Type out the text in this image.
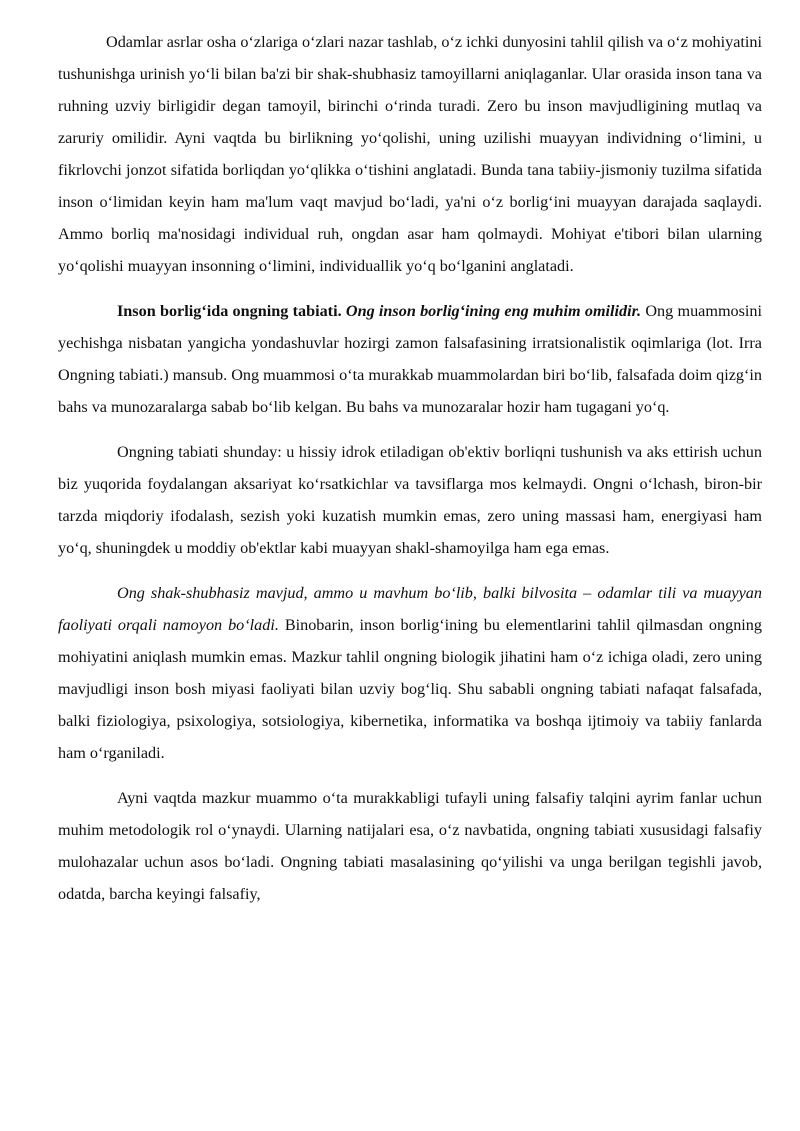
Odamlar asrlar osha o‘zlariga o‘zlari nazar tashlab, o‘z ichki dunyosini tahlil qilish va o‘z mohiyatini tushunishga urinish yo‘li bilan ba'zi bir shak-shubhasiz tamoyillarni aniqlaganlar. Ular orasida inson tana va ruhning uzviy birligidir degan tamoyil, birinchi o‘rinda turadi. Zero bu inson mavjudligining mutlaq va zaruriy omilidir. Ayni vaqtda bu birlikning yo‘qolishi, uning uzilishi muayyan individning o‘limini, u fikrlovchi jonzot sifatida borliqdan yo‘qlikka o‘tishini anglatadi. Bunda tana tabiiy-jismoniy tuzilma sifatida inson o‘limidan keyin ham ma'lum vaqt mavjud bo‘ladi, ya'ni o‘z borlig‘ini muayyan darajada saqlaydi. Ammo borliq ma'nosidagi individual ruh, ongdan asar ham qolmaydi. Mohiyat e'tibori bilan ularning yo‘qolishi muayyan insonning o‘limini, individuallik yo‘q bo‘lganini anglatadi.

Inson borlig‘ida ongning tabiati. Ong inson borlig‘ining eng muhim omilidir. Ong muammosini yechishga nisbatan yangicha yondashuvlar hozirgi zamon falsafasining irratsionalistik oqimlariga (lot. Irra Ongning tabiati.) mansub. Ong muammosi o‘ta murakkab muammolardan biri bo‘lib, falsafada doim qizg‘in bahs va munozaralarga sabab bo‘lib kelgan. Bu bahs va munozaralar hozir ham tugagani yo‘q.

Ongning tabiati shunday: u hissiy idrok etiladigan ob'ektiv borliqni tushunish va aks ettirish uchun biz yuqorida foydalangan aksariyat ko‘rsatkichlar va tavsiflarga mos kelmaydi. Ongni o‘lchash, biron-bir tarzda miqdoriy ifodalash, sezish yoki kuzatish mumkin emas, zero uning massasi ham, energiyasi ham yo‘q, shuningdek u moddiy ob'ektlar kabi muayyan shakl-shamoyilga ham ega emas.

Ong shak-shubhasiz mavjud, ammo u mavhum bo‘lib, balki bilvosita – odamlar tili va muayyan faoliyati orqali namoyon bo‘ladi. Binobarin, inson borlig‘ining bu elementlarini tahlil qilmasdan ongning mohiyatini aniqlash mumkin emas. Mazkur tahlil ongning biologik jihatini ham o‘z ichiga oladi, zero uning mavjudligi inson bosh miyasi faoliyati bilan uzviy bog‘liq. Shu sababli ongning tabiati nafaqat falsafada, balki fiziologiya, psixologiya, sotsiologiya, kibernetika, informatika va boshqa ijtimoiy va tabiiy fanlarda ham o‘rganiladi.

Ayni vaqtda mazkur muammo o‘ta murakkabligi tufayli uning falsafiy talqini ayrim fanlar uchun muhim metodologik rol o‘ynaydi. Ularning natijalari esa, o‘z navbatida, ongning tabiati xususidagi falsafiy mulohazalar uchun asos bo‘ladi. Ongning tabiati masalasining qo‘yilishi va unga berilgan tegishli javob, odatda, barcha keyingi falsafiy,
